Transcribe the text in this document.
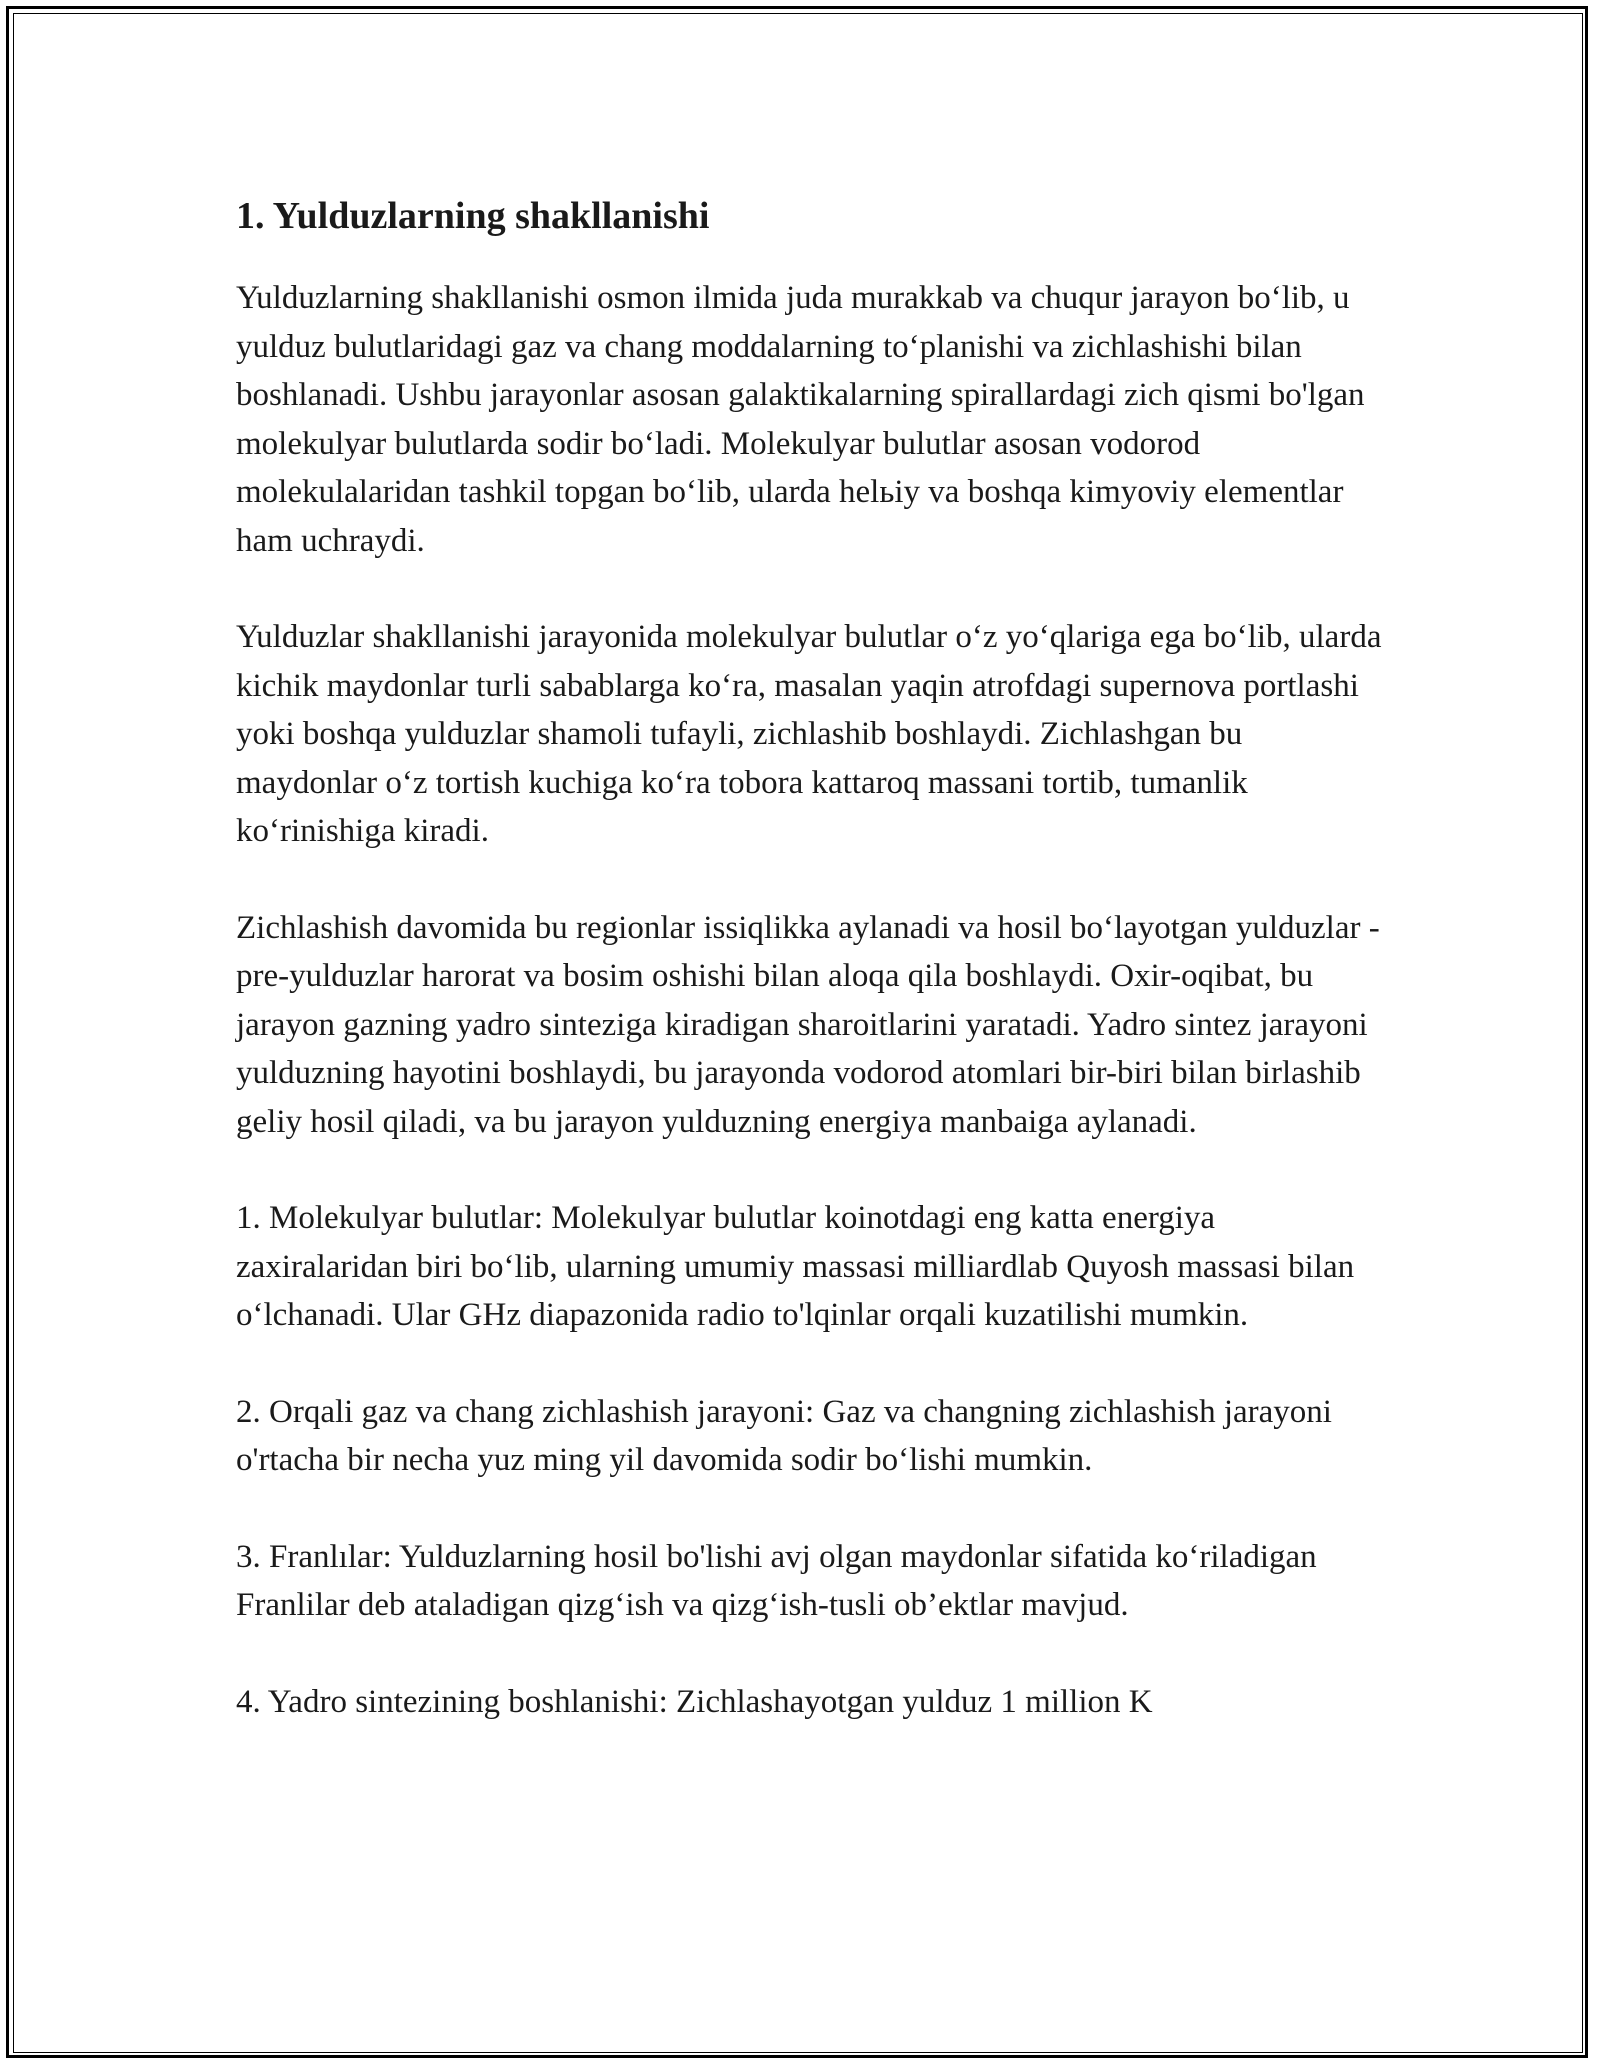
1. Yulduzlarning shakllanishi

Yulduzlarning shakllanishi osmon ilmida juda murakkab va chuqur jarayon bo‘lib, u yulduz bulutlaridagi gaz va chang moddalarning to‘planishi va zichlashishi bilan boshlanadi. Ushbu jarayonlar asosan galaktikalarning spirallardagi zich qismi bo'lgan molekulyar bulutlarda sodir bo‘ladi. Molekulyar bulutlar asosan vodorod molekulalaridan tashkil topgan bo‘lib, ularda helьiy va boshqa kimyoviy elementlar ham uchraydi.

Yulduzlar shakllanishi jarayonida molekulyar bulutlar o‘z yo‘qlariga ega bo‘lib, ularda kichik maydonlar turli sabablarga ko‘ra, masalan yaqin atrofdagi supernova portlashi yoki boshqa yulduzlar shamoli tufayli, zichlashib boshlaydi. Zichlashgan bu maydonlar o‘z tortish kuchiga ko‘ra tobora kattaroq massani tortib, tumanlik ko‘rinishiga kiradi.

Zichlashish davomida bu regionlar issiqlikka aylanadi va hosil bo‘layotgan yulduzlar - pre-yulduzlar harorat va bosim oshishi bilan aloqa qila boshlaydi. Oxir-oqibat, bu jarayon gazning yadro sinteziga kiradigan sharoitlarini yaratadi. Yadro sintez jarayoni yulduzning hayotini boshlaydi, bu jarayonda vodorod atomlari bir-biri bilan birlashib geliy hosil qiladi, va bu jarayon yulduzning energiya manbaiga aylanadi.

1. Molekulyar bulutlar: Molekulyar bulutlar koinotdagi eng katta energiya zaxiralaridan biri bo‘lib, ularning umumiy massasi milliardlab Quyosh massasi bilan o‘lchanadi. Ular GHz diapazonida radio to'lqinlar orqali kuzatilishi mumkin.

2. Orqali gaz va chang zichlashish jarayoni: Gaz va changning zichlashish jarayoni o'rtacha bir necha yuz ming yil davomida sodir bo‘lishi mumkin.

3. Franlılar: Yulduzlarning hosil bo'lishi avj olgan maydonlar sifatida ko‘riladigan Franlilar deb ataladigan qizg‘ish va qizg‘ish-tusli ob’ektlar mavjud.

4. Yadro sintezining boshlanishi: Zichlashayotgan yulduz 1 million K
